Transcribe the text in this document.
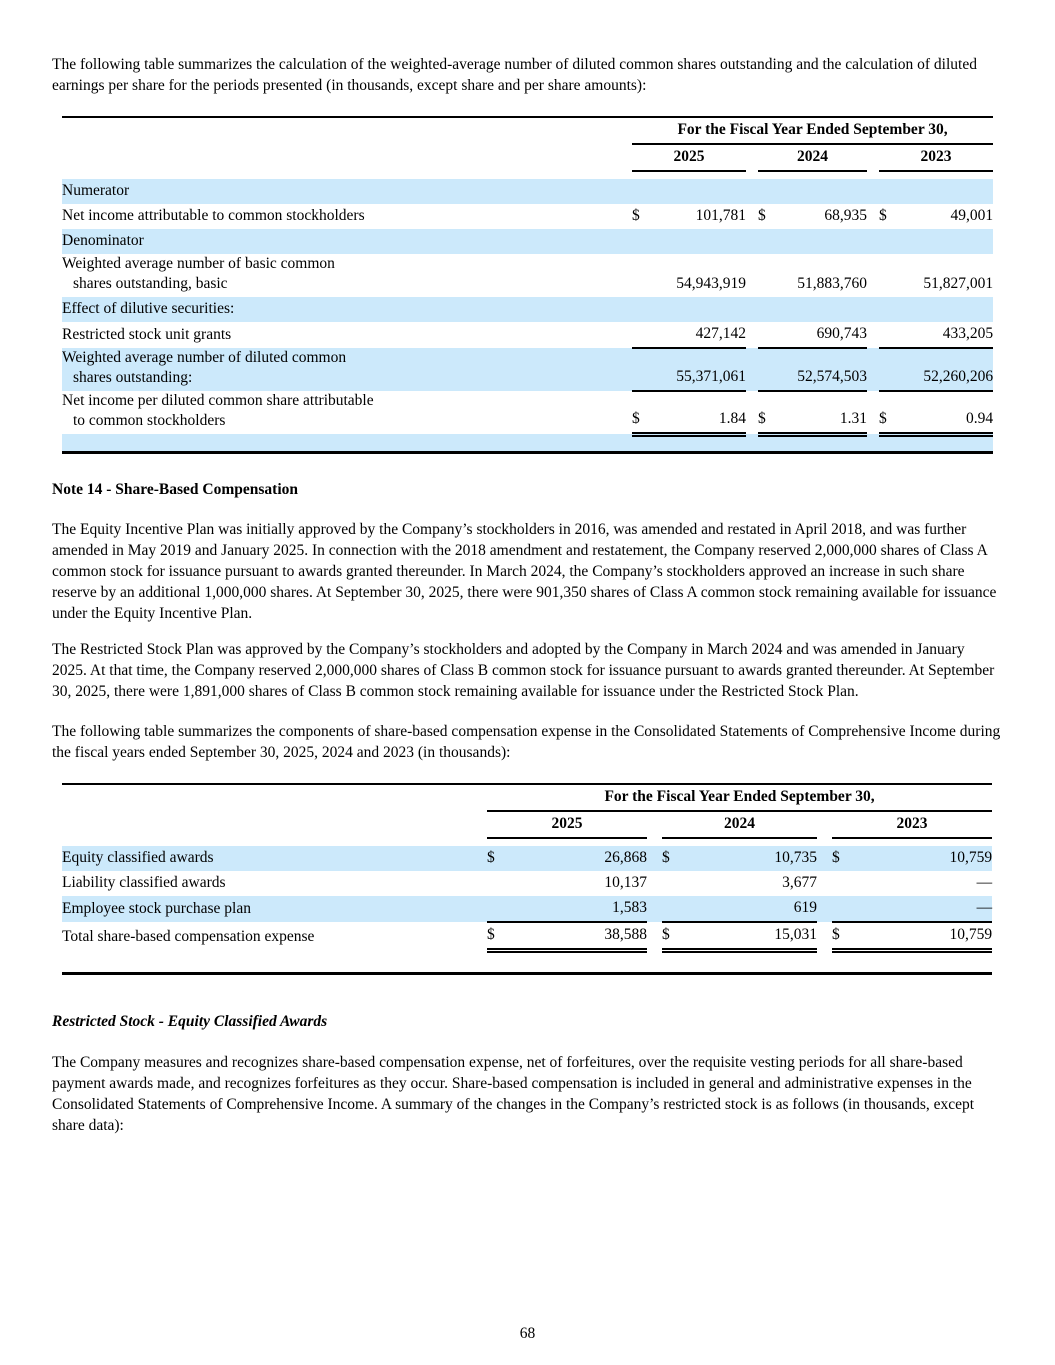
The following table summarizes the calculation of the weighted-average number of diluted common shares outstanding and the calculation of diluted earnings per share for the periods presented (in thousands, except share and per share amounts):

	For the Fiscal Year Ended September 30,							
	2025			2024			2023	

Numerator								
Net income attributable to common stockholders	$	101,781		$	68,935		$	49,001
Denominator								
Weighted average number of basic common
shares outstanding, basic		54,943,919			51,883,760			51,827,001
Effect of dilutive securities:								
Restricted stock unit grants		427,142			690,743			433,205
Weighted average number of diluted common
shares outstanding:		55,371,061			52,574,503			52,260,206
Net income per diluted common share attributable
to common stockholders	$	1.84		$	1.31		$	0.94

Note 14 - Share-Based Compensation

The Equity Incentive Plan was initially approved by the Company’s stockholders in 2016, was amended and restated in April 2018, and was further amended in May 2019 and January 2025. In connection with the 2018 amendment and restatement, the Company reserved 2,000,000 shares of Class A common stock for issuance pursuant to awards granted thereunder. In March 2024, the Company’s stockholders approved an increase in such share reserve by an additional 1,000,000 shares. At September 30, 2025, there were 901,350 shares of Class A common stock remaining available for issuance under the Equity Incentive Plan.

The Restricted Stock Plan was approved by the Company’s stockholders and adopted by the Company in March 2024 and was amended in January 2025. At that time, the Company reserved 2,000,000 shares of Class B common stock for issuance pursuant to awards granted thereunder. At September 30, 2025, there were 1,891,000 shares of Class B common stock remaining available for issuance under the Restricted Stock Plan.

The following table summarizes the components of share-based compensation expense in the Consolidated Statements of Comprehensive Income during the fiscal years ended September 30, 2025, 2024 and 2023 (in thousands):

	For the Fiscal Year Ended September 30,							
	2025			2024			2023	

Equity classified awards	$	26,868		$	10,735		$	10,759
Liability classified awards		10,137			3,677			—
Employee stock purchase plan		1,583			619			—
Total share-based compensation expense	$	38,588		$	15,031		$	10,759

Restricted Stock - Equity Classified Awards

The Company measures and recognizes share-based compensation expense, net of forfeitures, over the requisite vesting periods for all share-based payment awards made, and recognizes forfeitures as they occur. Share-based compensation is included in general and administrative expenses in the Consolidated Statements of Comprehensive Income. A summary of the changes in the Company’s restricted stock is as follows (in thousands, except share data):

68
